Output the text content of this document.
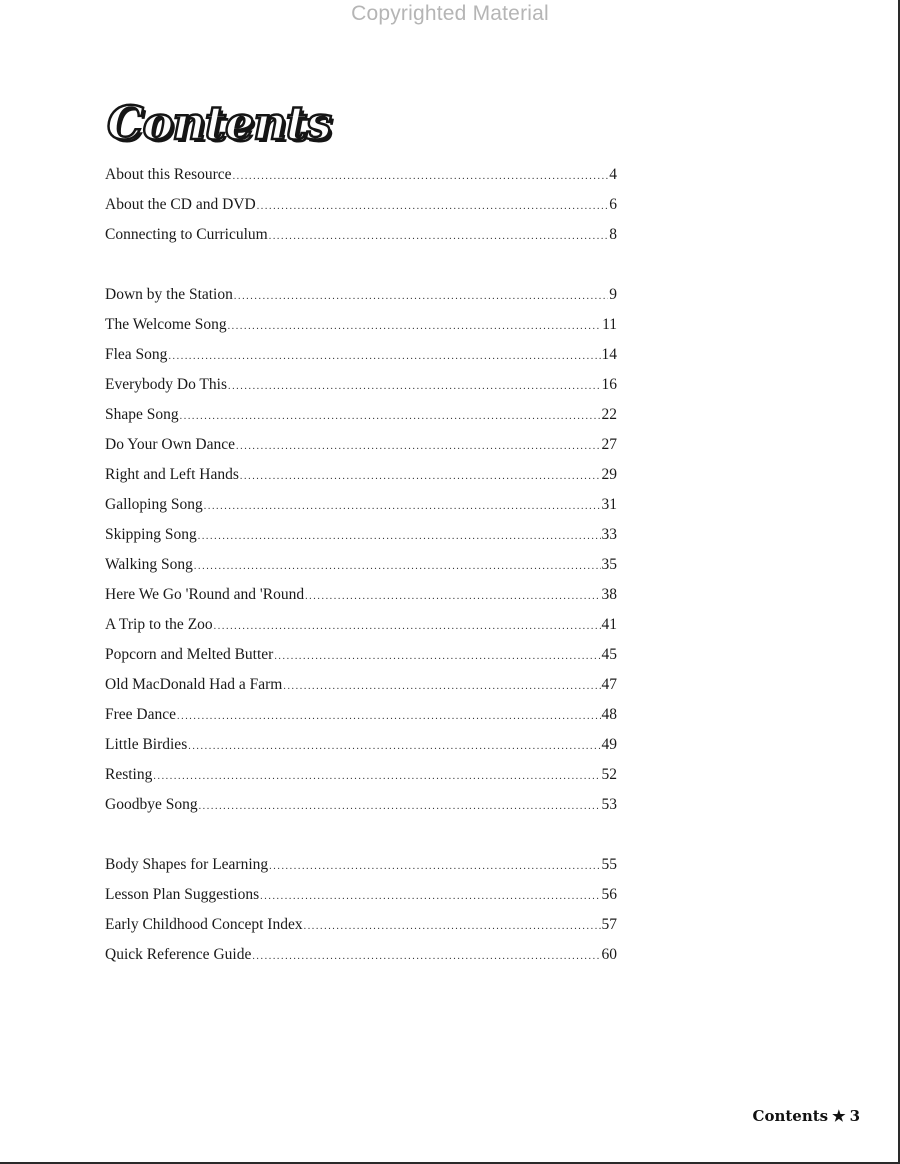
Copyrighted Material
Contents
About this Resource .....	4
About the CD and DVD .....	6
Connecting to Curriculum .....	8
Down by the Station .....	9
The Welcome Song .....	11
Flea Song .....	14
Everybody Do This .....	16
Shape Song .....	22
Do Your Own Dance .....	27
Right and Left Hands .....	29
Galloping Song .....	31
Skipping Song .....	33
Walking Song .....	35
Here We Go 'Round and 'Round .....	38
A Trip to the Zoo .....	41
Popcorn and Melted Butter .....	45
Old MacDonald Had a Farm .....	47
Free Dance .....	48
Little Birdies .....	49
Resting .....	52
Goodbye Song .....	53
Body Shapes for Learning .....	55
Lesson Plan Suggestions .....	56
Early Childhood Concept Index .....	57
Quick Reference Guide .....	60
Contents ★ 3
